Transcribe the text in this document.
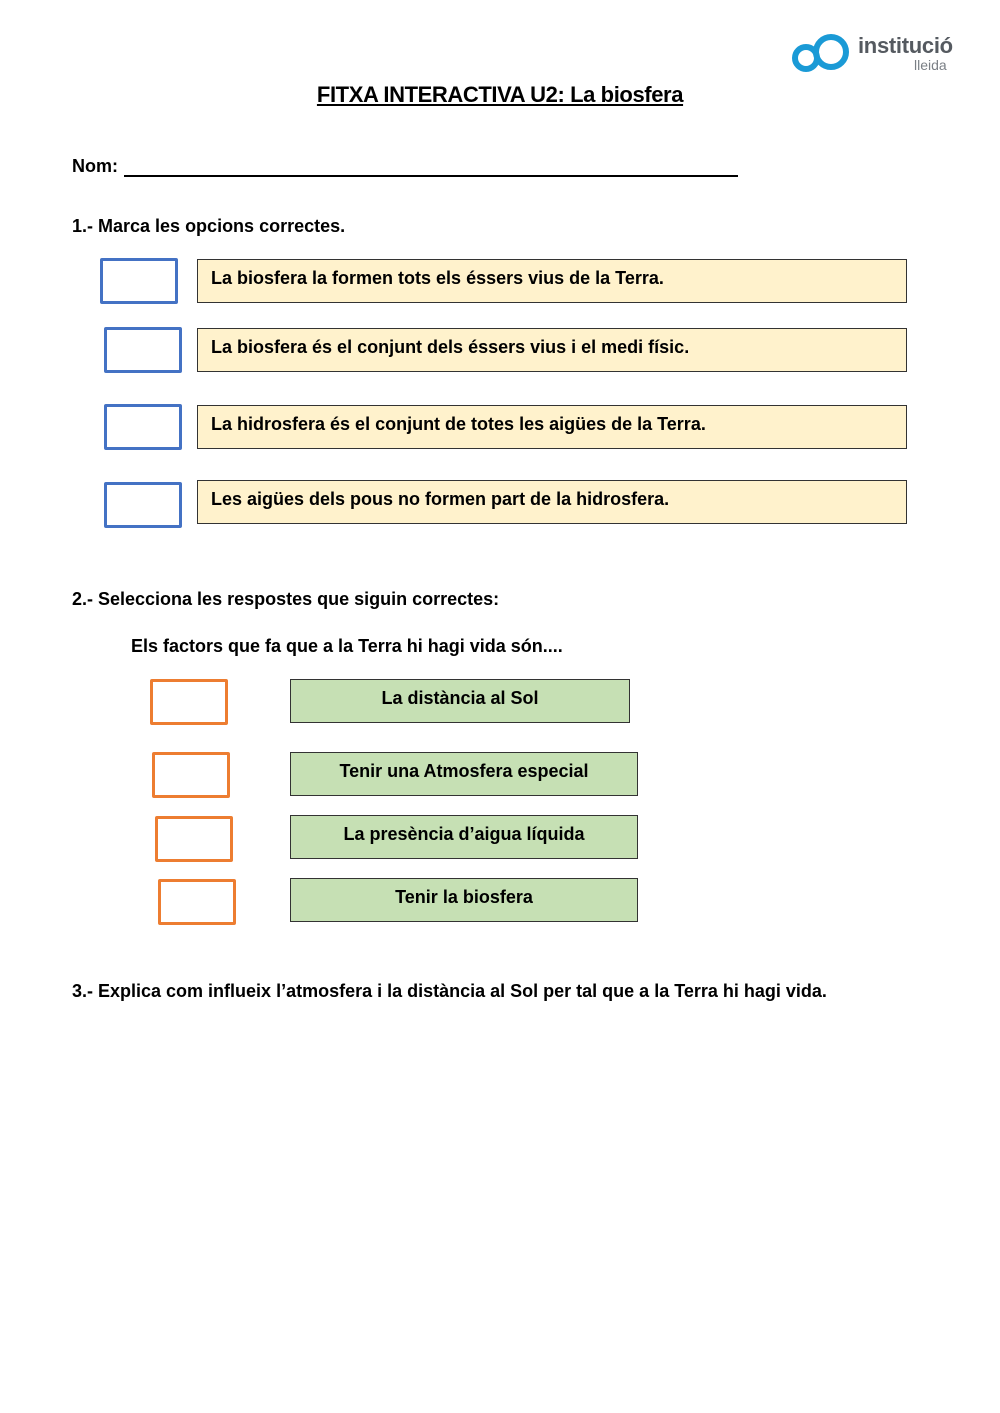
institució
lleida
FITXA INTERACTIVA U2: La biosfera
Nom:
1.- Marca les opcions correctes.
La biosfera la formen tots els éssers vius de la Terra.
La biosfera és el conjunt dels éssers vius i el medi físic.
La hidrosfera és el conjunt de totes les aigües de la Terra.
Les aigües dels pous no formen part de la hidrosfera.
2.- Selecciona les respostes que siguin correctes:
Els factors que fa que a la Terra hi hagi vida són....
La distància al Sol
Tenir una Atmosfera especial
La presència d’aigua líquida
Tenir la biosfera
3.- Explica com influeix l’atmosfera i la distància al Sol per tal que a la Terra hi hagi vida.
